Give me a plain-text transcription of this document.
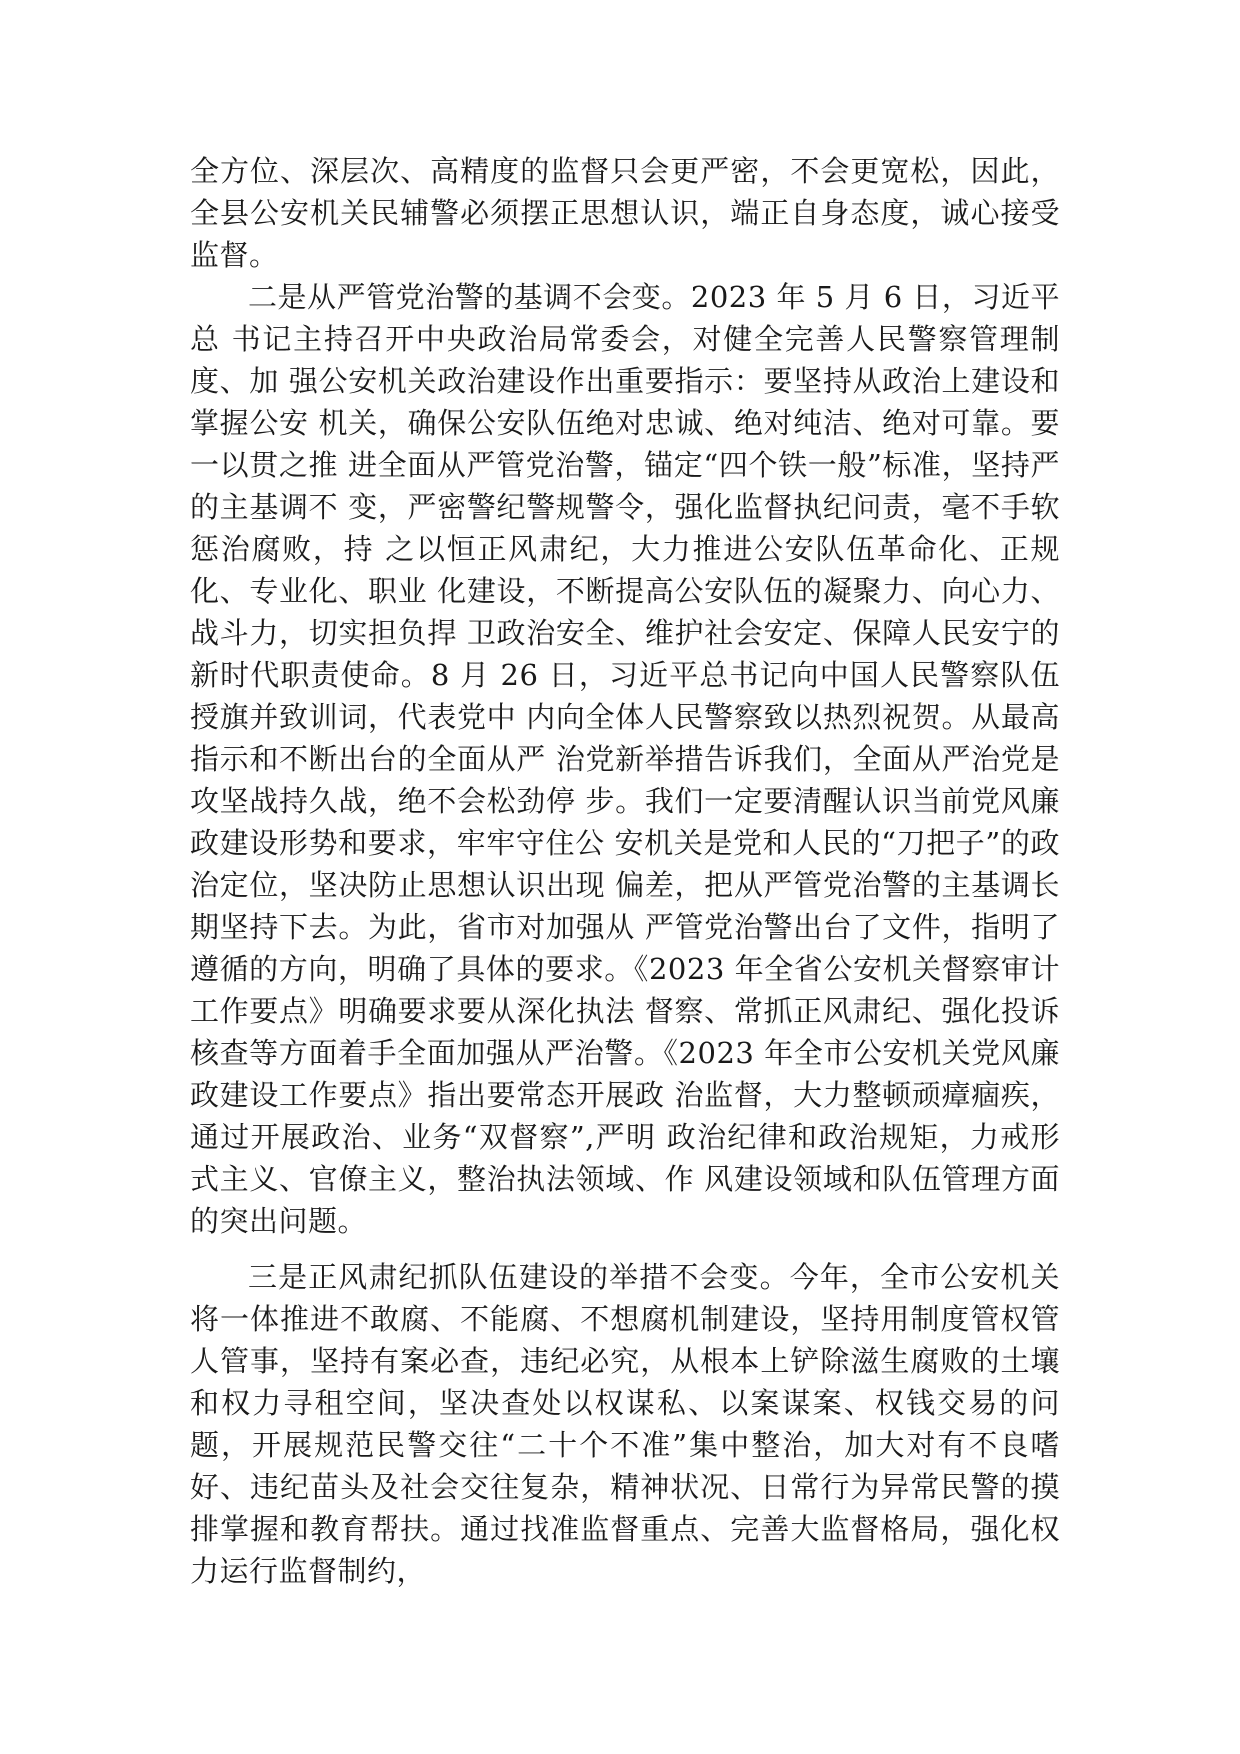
全方位、深层次、高精度的监督只会更严密，不会更宽松，因此，全县公安机关民辅警必须摆正思想认识，端正自身态度，诚心接受监督。

二是从严管党治警的基调不会变。2023 年 5 月 6 日，习近平总 书记主持召开中央政治局常委会，对健全完善人民警察管理制度、加 强公安机关政治建设作出重要指示：要坚持从政治上建设和掌握公安 机关，确保公安队伍绝对忠诚、绝对纯洁、绝对可靠。要一以贯之推 进全面从严管党治警，锚定“四个铁一般”标准，坚持严的主基调不 变，严密警纪警规警令，强化监督执纪问责，毫不手软惩治腐败，持 之以恒正风肃纪，大力推进公安队伍革命化、正规化、专业化、职业 化建设，不断提高公安队伍的凝聚力、向心力、战斗力，切实担负捍 卫政治安全、维护社会安定、保障人民安宁的新时代职责使命。8 月 26 日，习近平总书记向中国人民警察队伍授旗并致训词，代表党中 内向全体人民警察致以热烈祝贺。从最高指示和不断出台的全面从严 治党新举措告诉我们，全面从严治党是攻坚战持久战，绝不会松劲停 步。我们一定要清醒认识当前党风廉政建设形势和要求，牢牢守住公 安机关是党和人民的“刀把子”的政治定位，坚决防止思想认识出现 偏差，把从严管党治警的主基调长期坚持下去。为此，省市对加强从 严管党治警出台了文件，指明了遵循的方向，明确了具体的要求。《2023 年全省公安机关督察审计工作要点》明确要求要从深化执法 督察、常抓正风肃纪、强化投诉核查等方面着手全面加强从严治警。《2023 年全市公安机关党风廉政建设工作要点》指出要常态开展政 治监督，大力整顿顽瘴痼疾，通过开展政治、业务“双督察”,严明 政治纪律和政治规矩，力戒形式主义、官僚主义，整治执法领域、作 风建设领域和队伍管理方面的突出问题。

三是正风肃纪抓队伍建设的举措不会变。今年，全市公安机关将一体推进不敢腐、不能腐、不想腐机制建设，坚持用制度管权管人管事，坚持有案必查，违纪必究，从根本上铲除滋生腐败的土壤和权力寻租空间，坚决查处以权谋私、以案谋案、权钱交易的问题，开展规范民警交往“二十个不准”集中整治，加大对有不良嗜好、违纪苗头及社会交往复杂，精神状况、日常行为异常民警的摸排掌握和教育帮扶。通过找准监督重点、完善大监督格局，强化权力运行监督制约，
